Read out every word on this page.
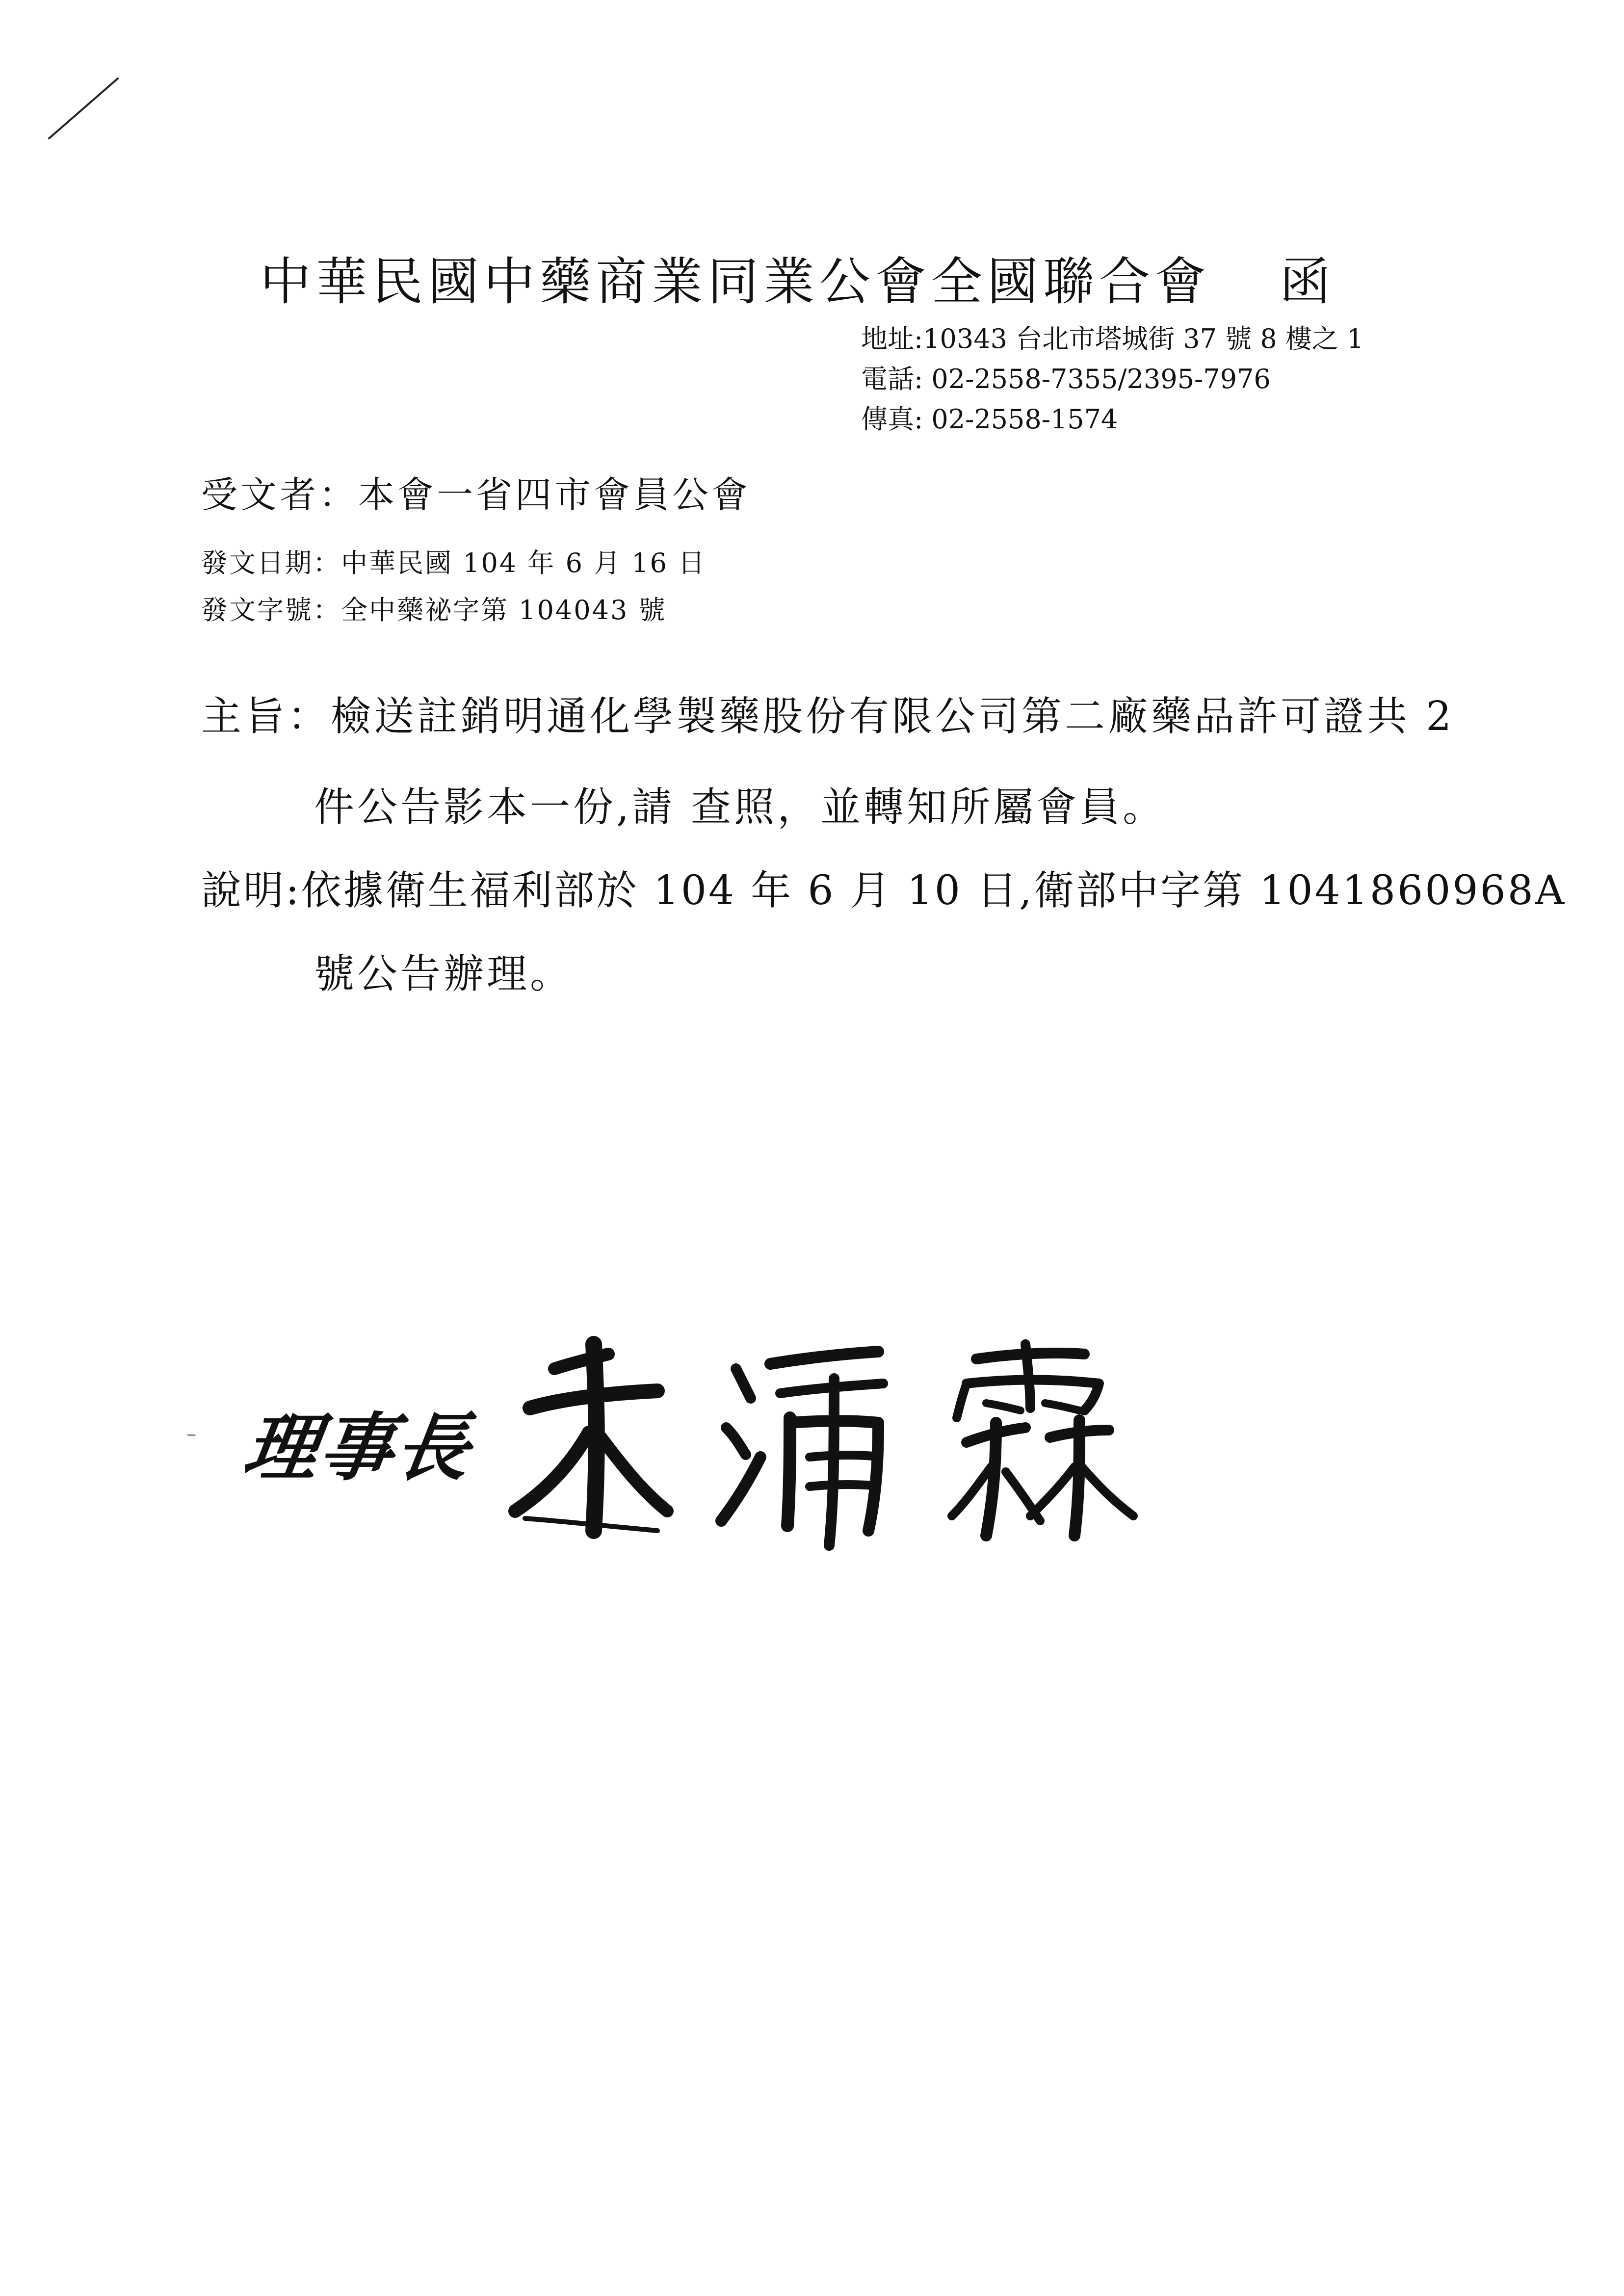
中華民國中藥商業同業公會全國聯合會 函
地址:10343 台北市塔城街 37 號 8 樓之 1
電話: 02-2558-7355/2395-7976
傳真: 02-2558-1574
受文者：本會一省四市會員公會
發文日期：中華民國 104 年 6 月 16 日
發文字號：全中藥祕字第 104043 號
主旨：檢送註銷明通化學製藥股份有限公司第二廠藥品許可證共 2
件公告影本一份,請 查照，並轉知所屬會員。
說明:依據衛生福利部於 104 年 6 月 10 日,衛部中字第 1041860968A
號公告辦理。
– 理事長
